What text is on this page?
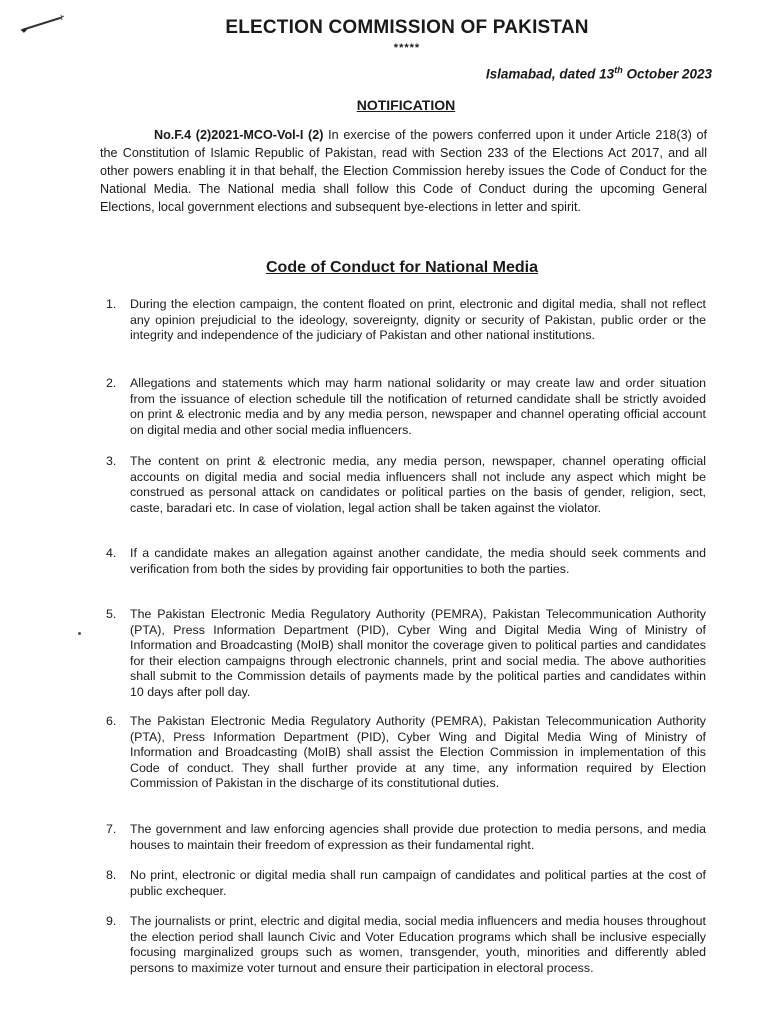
ELECTION COMMISSION OF PAKISTAN
*****
Islamabad, dated 13th October 2023
NOTIFICATION

No.F.4 (2)2021-MCO-Vol-I (2) In exercise of the powers conferred upon it under Article 218(3) of the Constitution of Islamic Republic of Pakistan, read with Section 233 of the Elections Act 2017, and all other powers enabling it in that behalf, the Election Commission hereby issues the Code of Conduct for the National Media. The National media shall follow this Code of Conduct during the upcoming General Elections, local government elections and subsequent bye-elections in letter and spirit.

Code of Conduct for National Media
1.	During the election campaign, the content floated on print, electronic and digital media, shall not reflect any opinion prejudicial to the ideology, sovereignty, dignity or security of Pakistan, public order or the integrity and independence of the judiciary of Pakistan and other national institutions.
2.	Allegations and statements which may harm national solidarity or may create law and order situation from the issuance of election schedule till the notification of returned candidate shall be strictly avoided on print & electronic media and by any media person, newspaper and channel operating official account on digital media and other social media influencers.
3.	The content on print & electronic media, any media person, newspaper, channel operating official accounts on digital media and social media influencers shall not include any aspect which might be construed as personal attack on candidates or political parties on the basis of gender, religion, sect, caste, baradari etc. In case of violation, legal action shall be taken against the violator.
4.	If a candidate makes an allegation against another candidate, the media should seek comments and verification from both the sides by providing fair opportunities to both the parties.
5.	The Pakistan Electronic Media Regulatory Authority (PEMRA), Pakistan Telecommunication Authority (PTA), Press Information Department (PID), Cyber Wing and Digital Media Wing of Ministry of Information and Broadcasting (MoIB) shall monitor the coverage given to political parties and candidates for their election campaigns through electronic channels, print and social media. The above authorities shall submit to the Commission details of payments made by the political parties and candidates within 10 days after poll day.
6.	The Pakistan Electronic Media Regulatory Authority (PEMRA), Pakistan Telecommunication Authority (PTA), Press Information Department (PID), Cyber Wing and Digital Media Wing of Ministry of Information and Broadcasting (MoIB) shall assist the Election Commission in implementation of this Code of conduct. They shall further provide at any time, any information required by Election Commission of Pakistan in the discharge of its constitutional duties.
7.	The government and law enforcing agencies shall provide due protection to media persons, and media houses to maintain their freedom of expression as their fundamental right.
8.	No print, electronic or digital media shall run campaign of candidates and political parties at the cost of public exchequer.
9.	The journalists or print, electric and digital media, social media influencers and media houses throughout the election period shall launch Civic and Voter Education programs which shall be inclusive especially focusing marginalized groups such as women, transgender, youth, minorities and differently abled persons to maximize voter turnout and ensure their participation in electoral process.
